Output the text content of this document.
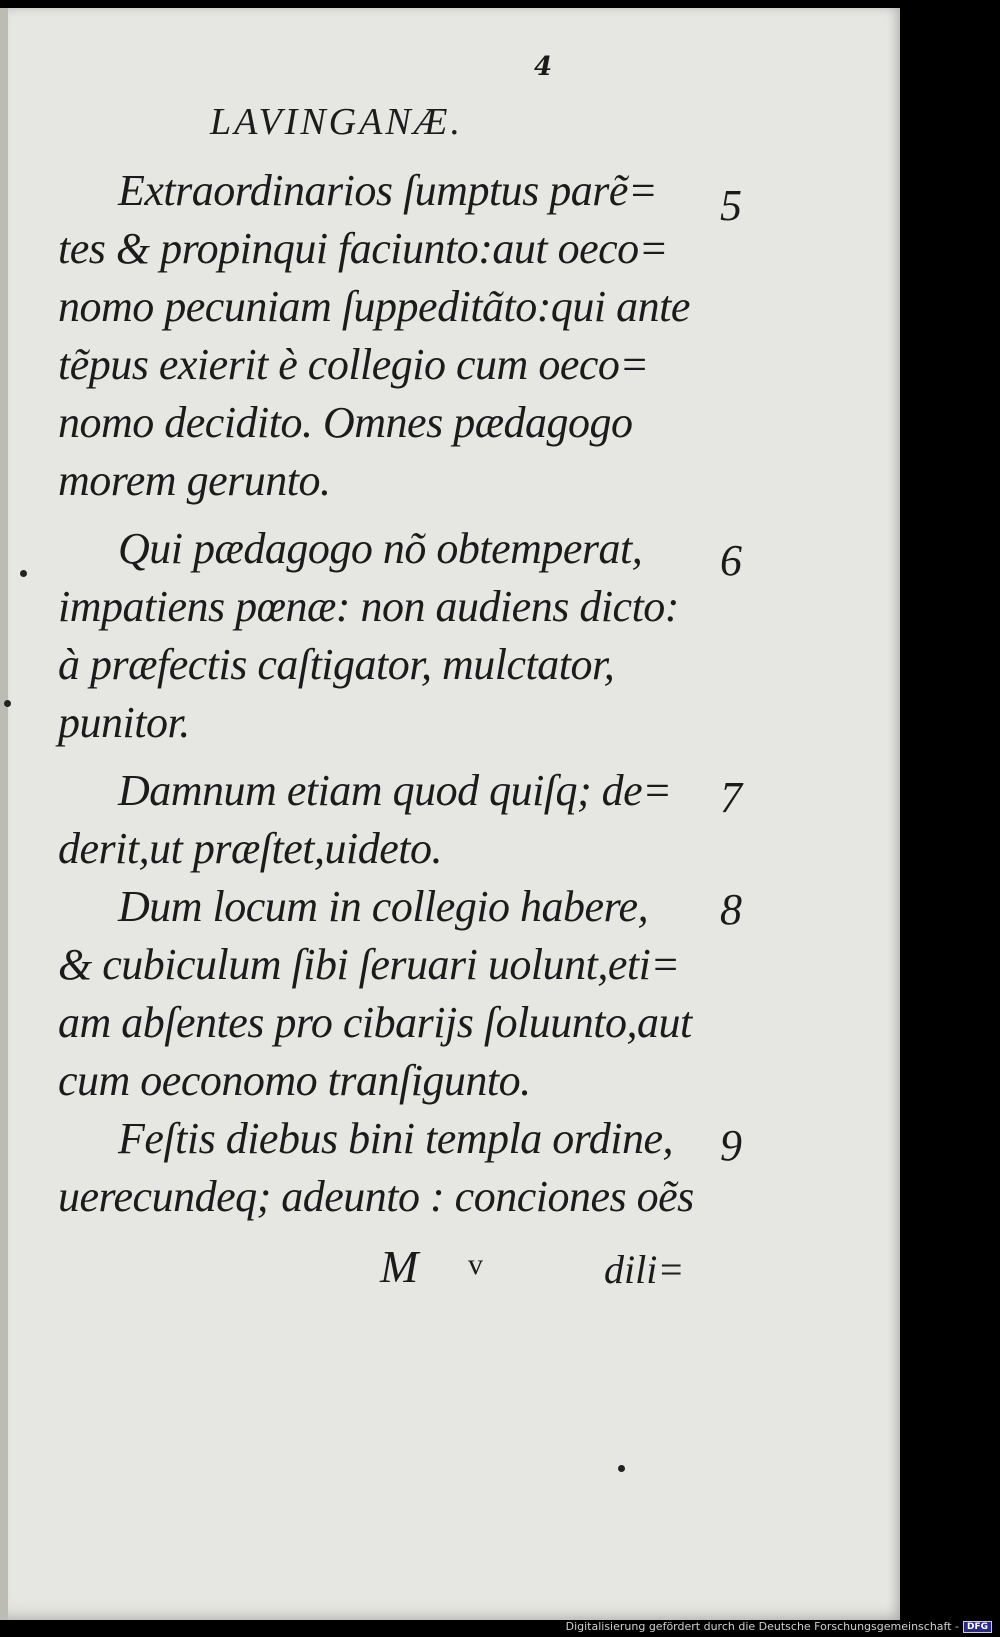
4
LAVINGANÆ.
Extraordinarios ſumptus parẽ=
tes & propinqui faciunto:aut oeco=
nomo pecuniam ſuppeditãto:qui ante
tẽpus exierit è collegio cum oeco=
nomo decidito. Omnes pædagogo
morem gerunto.
Qui pædagogo nõ obtemperat,
impatiens pœnæ: non audiens dicto:
à præfectis caſtigator, mulctator,
punitor.
Damnum etiam quod quiſq; de=
derit,ut præſtet,uideto.
Dum locum in collegio habere,
& cubiculum ſibi ſeruari uolunt,eti=
am abſentes pro cibarijs ſoluunto,aut
cum oeconomo tranſigunto.
Feſtis diebus bini templa ordine,
uerecundeq; adeunto : conciones oẽs
5
6
7
8
9
M v	dili=
Digitalisierung gefördert durch die Deutsche Forschungsgemeinschaft - DFG
